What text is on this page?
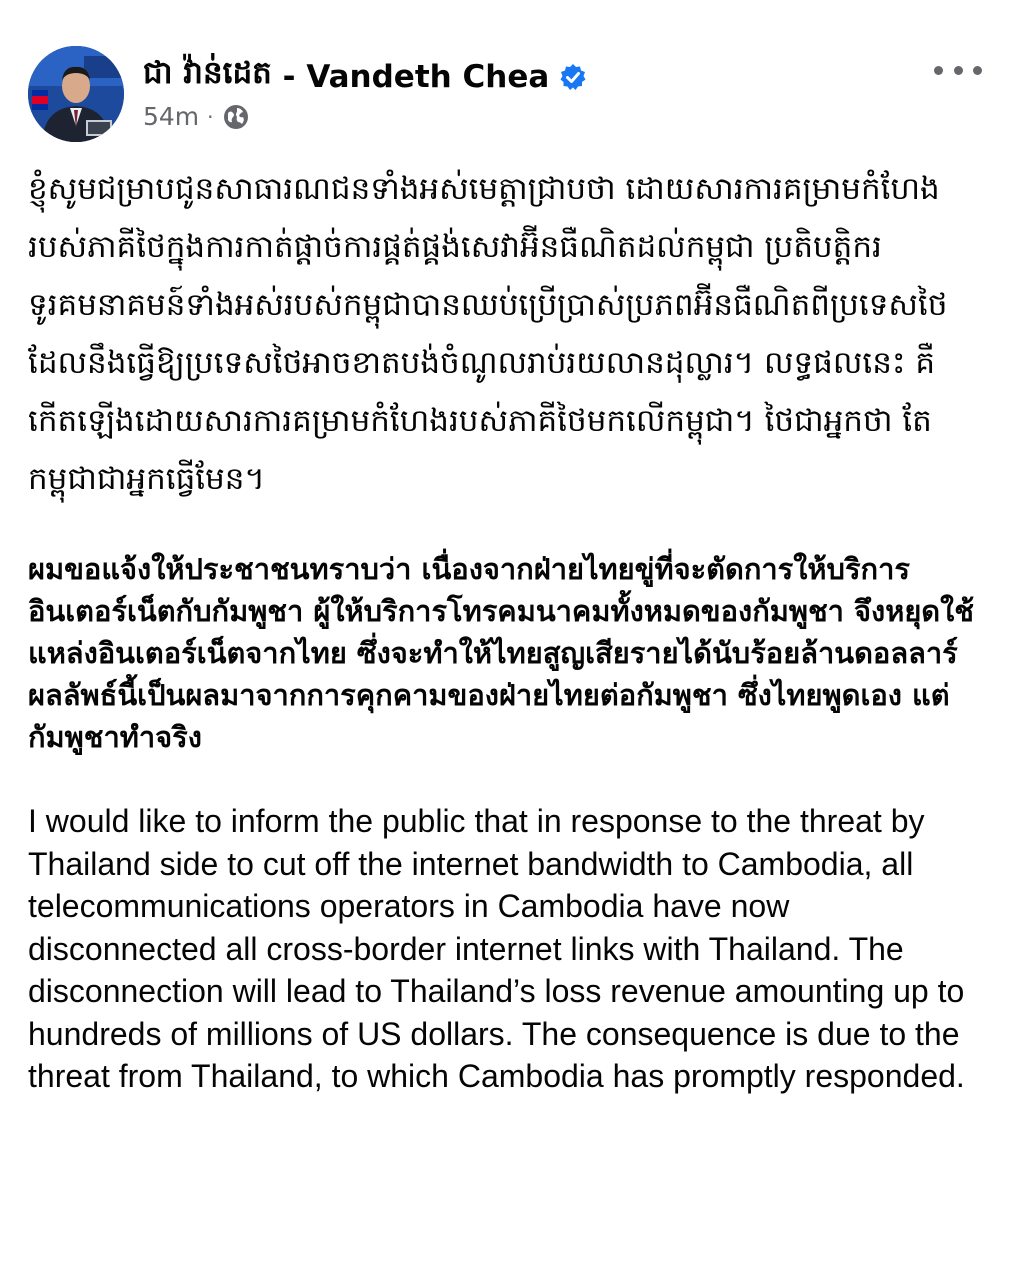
ជា វ៉ាន់ដេត - Vandeth Chea
54m ·

ខ្ញុំសូមជម្រាបជូនសាធារណជនទាំងអស់មេត្តាជ្រាបថា ដោយសារការគម្រាមកំហែងរបស់ភាគីថៃក្នុងការកាត់ផ្ដាច់ការផ្គត់ផ្គង់សេវាអ៊ីនធឺណិតដល់កម្ពុជា ប្រតិបត្តិករទូរគមនាគមន៍ទាំងអស់របស់កម្ពុជាបានឈប់ប្រើប្រាស់ប្រភពអ៊ីនធឺណិតពីប្រទេសថៃ ដែលនឹងធ្វើឱ្យប្រទេសថៃអាចខាតបង់ចំណូលរាប់រយលានដុល្លារ។ លទ្ធផលនេះ គឺកើតឡើងដោយសារការគម្រាមកំហែងរបស់ភាគីថៃមកលើកម្ពុជា។ ថៃជាអ្នកថា តែកម្ពុជាជាអ្នកធ្វើមែន។

ผมขอแจ้งให้ประชาชนทราบว่า เนื่องจากฝ่ายไทยขู่ที่จะตัดการให้บริการอินเตอร์เน็ตกับกัมพูชา ผู้ให้บริการโทรคมนาคมทั้งหมดของกัมพูชา จึงหยุดใช้แหล่งอินเตอร์เน็ตจากไทย ซึ่งจะทำให้ไทยสูญเสียรายได้นับร้อยล้านดอลลาร์ ผลลัพธ์นี้เป็นผลมาจากการคุกคามของฝ่ายไทยต่อกัมพูชา ซึ่งไทยพูดเอง แต่กัมพูชาทำจริง

I would like to inform the public that in response to the threat by Thailand side to cut off the internet bandwidth to Cambodia, all telecommunications operators in Cambodia have now disconnected all cross-border internet links with Thailand. The disconnection will lead to Thailand’s loss revenue amounting up to hundreds of millions of US dollars. The consequence is due to the threat from Thailand, to which Cambodia has promptly responded.
